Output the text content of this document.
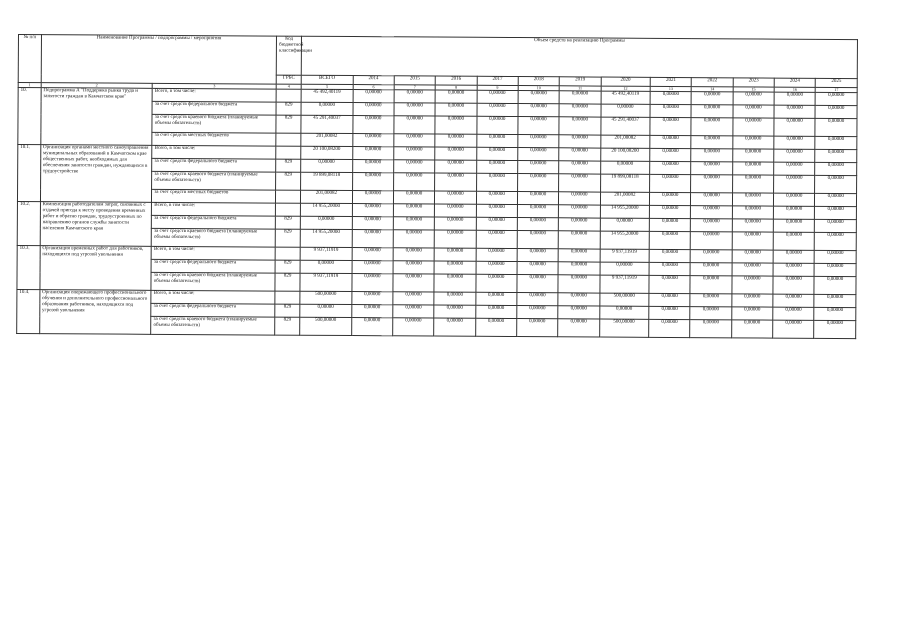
№ п/п	Наименование Программы / подпрограммы / мероприятия		Код бюджетной классификации	Объем средств на реализацию Программы												
			ГРБС	ВСЕГО	2014	2015	2016	2017	2018	2019	2020	2021	2022	2023	2024	2025
1	2	3	4	5	6	7	8	9	10	11	12	13	14	15	16	17
10.	Подпрограмма А "Поддержка рынка труда и занятости граждан в Камчатском крае"	Всего, в том числе:		45 492,40119	0,00000	0,00000	0,00000	0,00000	0,00000	0,00000	45 492,40119	0,00000	0,00000	0,00000	0,00000	0,00000
		за счет средств федерального бюджета	829	0,00000	0,00000	0,00000	0,00000	0,00000	0,00000	0,00000	0,00000	0,00000	0,00000	0,00000	0,00000	0,00000
		за счет средств краевого бюджета (планируемые объемы обязательств)	829	45 291,40037	0,00000	0,00000	0,00000	0,00000	0,00000	0,00000	45 291,40037	0,00000	0,00000	0,00000	0,00000	0,00000
		за счет средств местных бюджетов		201,00082	0,00000	0,00000	0,00000	0,00000	0,00000	0,00000	201,00082	0,00000	0,00000	0,00000	0,00000	0,00000
10.1.	Организация органами местного самоуправления муниципальных образований в Камчатском крае общественных работ, необходимых для обеспечения занятости граждан, нуждающихся в трудоустройстве	Всего, в том числе:		20 100,08200	0,00000	0,00000	0,00000	0,00000	0,00000	0,00000	20 100,08200	0,00000	0,00000	0,00000	0,00000	0,00000
		за счет средств федерального бюджета	829	0,00000	0,00000	0,00000	0,00000	0,00000	0,00000	0,00000	0,00000	0,00000	0,00000	0,00000	0,00000	0,00000
		за счет средств краевого бюджета (планируемые объемы обязательств)	829	19 899,08118	0,00000	0,00000	0,00000	0,00000	0,00000	0,00000	19 899,08118	0,00000	0,00000	0,00000	0,00000	0,00000
		за счет средств местных бюджетов		201,00082	0,00000	0,00000	0,00000	0,00000	0,00000	0,00000	201,00082	0,00000	0,00000	0,00000	0,00000	0,00000
10.2.	Компенсация работодателям затрат, связанных с отдачей пригода к месту проведения временных работ и обратно граждан, трудоустроенных по направлению органов службы занятости населения Камчатского края	Всего, в том числе:		14 955,20000	0,00000	0,00000	0,00000	0,00000	0,00000	0,00000	14 955,20000	0,00000	0,00000	0,00000	0,00000	0,00000
		за счет средств федерального бюджета	829	0,00000	0,00000	0,00000	0,00000	0,00000	0,00000	0,00000	0,00000	0,00000	0,00000	0,00000	0,00000	0,00000
		за счет средств краевого бюджета (планируемые объемы обязательств)	829	14 955,20000	0,00000	0,00000	0,00000	0,00000	0,00000	0,00000	14 955,20000	0,00000	0,00000	0,00000	0,00000	0,00000
10.3.	Организация временных работ для работников, находящихся под угрозой увольнения	Всего, в том числе:		9 937,11919	0,00000	0,00000	0,00000	0,00000	0,00000	0,00000	9 937,11919	0,00000	0,00000	0,00000	0,00000	0,00000
		за счет средств федерального бюджета	829	0,00000	0,00000	0,00000	0,00000	0,00000	0,00000	0,00000	0,00000	0,00000	0,00000	0,00000	0,00000	0,00000
		за счет средств краевого бюджета (планируемые объемы обязательств)	829	9 937,11919	0,00000	0,00000	0,00000	0,00000	0,00000	0,00000	9 937,11919	0,00000	0,00000	0,00000	0,00000	0,00000
10.4.	Организация опережающего профессионального обучения и дополнительного профессионального образования работников, находящихся под угрозой увольнения	Всего, в том числе:		500,00000	0,00000	0,00000	0,00000	0,00000	0,00000	0,00000	500,00000	0,00000	0,00000	0,00000	0,00000	0,00000
		за счет средств федерального бюджета	829	0,00000	0,00000	0,00000	0,00000	0,00000	0,00000	0,00000	0,00000	0,00000	0,00000	0,00000	0,00000	0,00000
		за счет средств краевого бюджета (планируемые объемы обязательств)	829	500,00000	0,00000	0,00000	0,00000	0,00000	0,00000	0,00000	500,00000	0,00000	0,00000	0,00000	0,00000	0,00000
